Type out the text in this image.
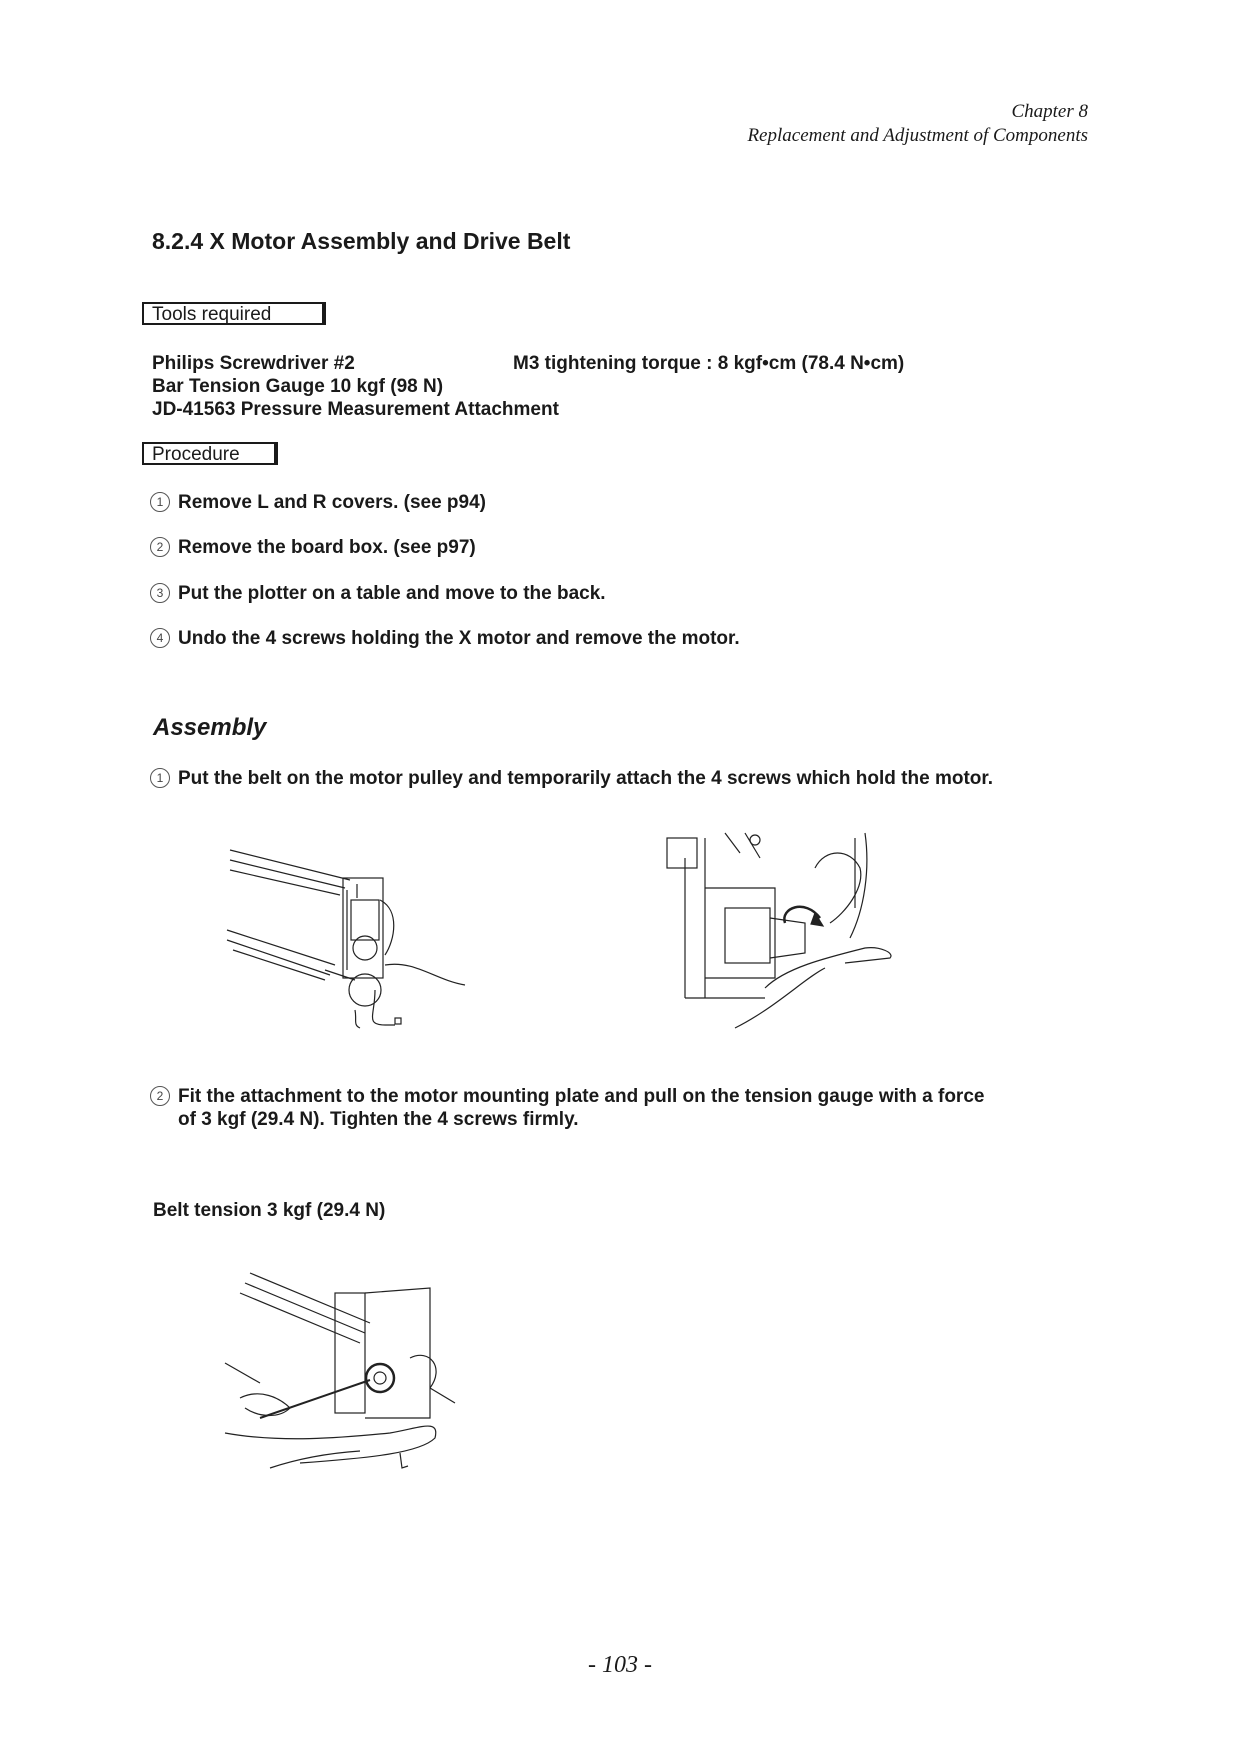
Chapter 8
Replacement and Adjustment of Components
8.2.4 X Motor Assembly and Drive Belt
Tools required
Philips Screwdriver #2	M3 tightening torque : 8 kgf•cm (78.4 N•cm)
Bar Tension Gauge 10 kgf (98 N)
JD-41563 Pressure Measurement Attachment
Procedure
1 Remove L and R covers. (see p94)
2 Remove the board box. (see p97)
3 Put the plotter on a table and move to the back.
4 Undo the 4 screws holding the X motor and remove the motor.
Assembly
1 Put the belt on the motor pulley and temporarily attach the 4 screws which hold the motor.
2 Fit the attachment to the motor mounting plate and pull on the tension gauge with a force
of 3 kgf (29.4 N). Tighten the 4 screws firmly.
Belt tension 3 kgf (29.4 N)
- 103 -
